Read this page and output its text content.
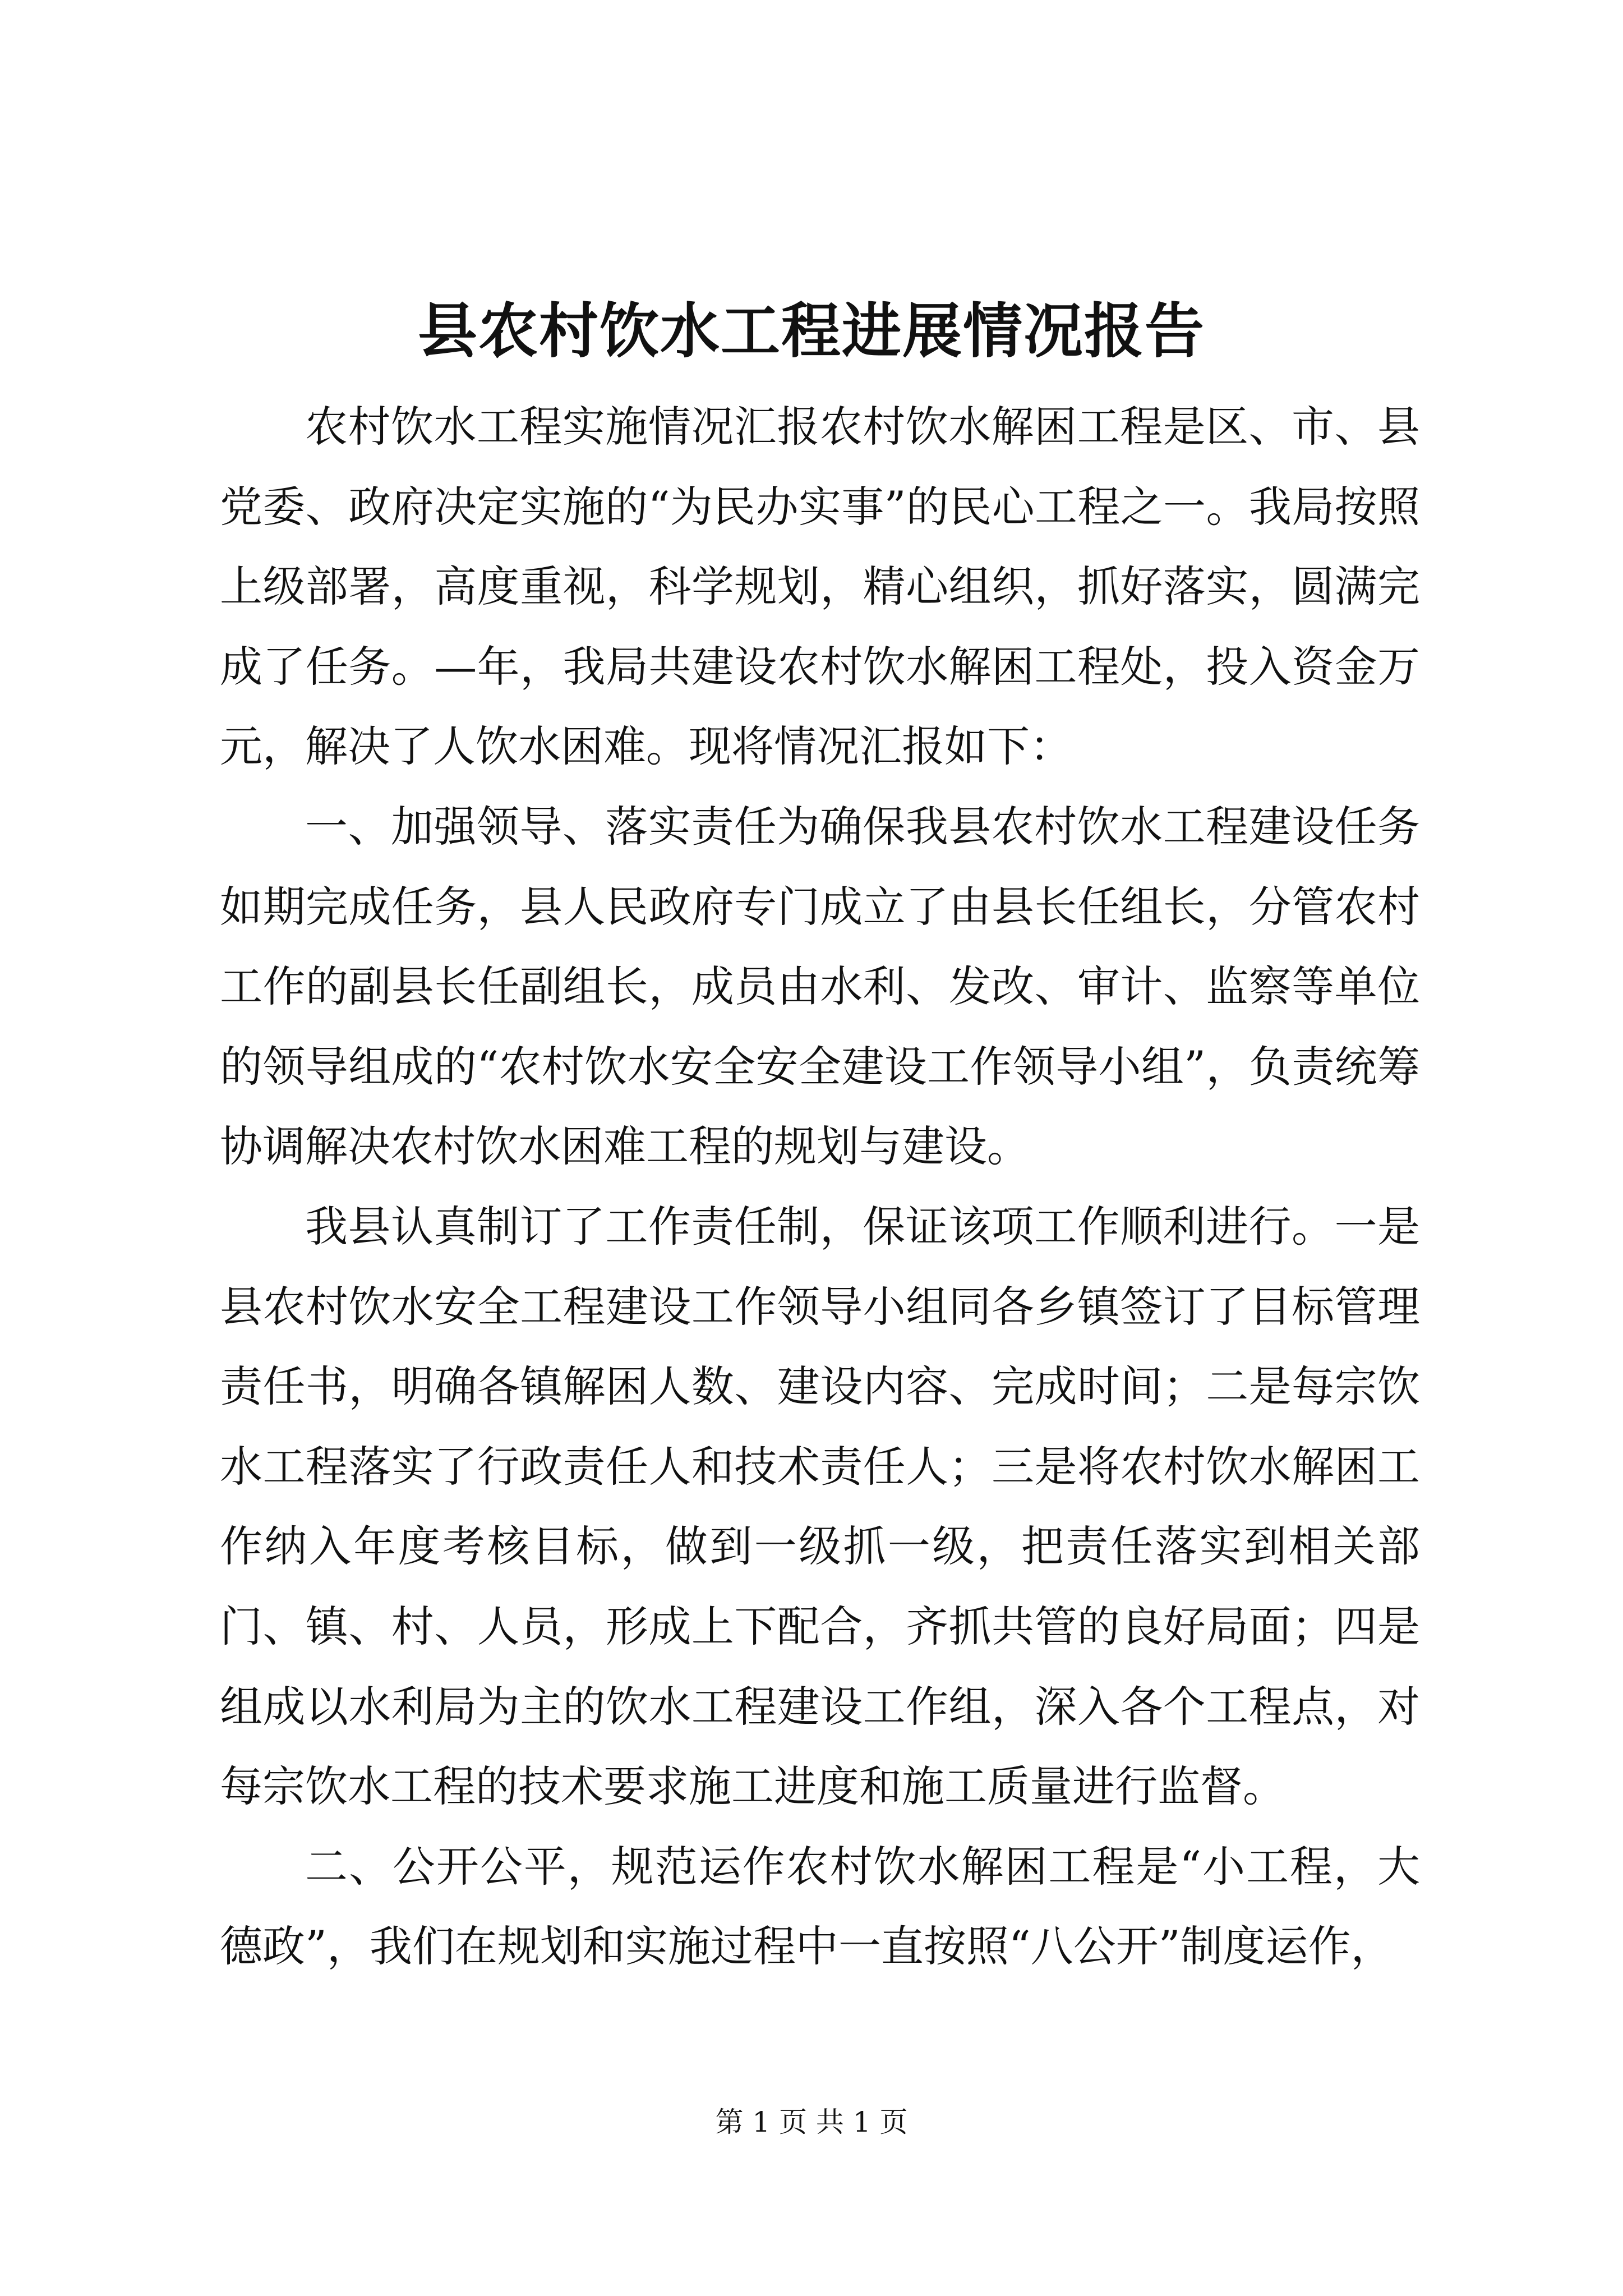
县农村饮水工程进展情况报告

农村饮水工程实施情况汇报农村饮水解困工程是区、市、县党委、政府决定实施的“为民办实事”的民心工程之一。我局按照上级部署，高度重视，科学规划，精心组织，抓好落实，圆满完成了任务。—年，我局共建设农村饮水解困工程处，投入资金万元，解决了人饮水困难。现将情况汇报如下：

一、加强领导、落实责任为确保我县农村饮水工程建设任务如期完成任务，县人民政府专门成立了由县长任组长，分管农村工作的副县长任副组长，成员由水利、发改、审计、监察等单位的领导组成的“农村饮水安全安全建设工作领导小组”，负责统筹协调解决农村饮水困难工程的规划与建设。

我县认真制订了工作责任制，保证该项工作顺利进行。一是县农村饮水安全工程建设工作领导小组同各乡镇签订了目标管理责任书，明确各镇解困人数、建设内容、完成时间；二是每宗饮水工程落实了行政责任人和技术责任人；三是将农村饮水解困工作纳入年度考核目标，做到一级抓一级，把责任落实到相关部门、镇、村、人员，形成上下配合，齐抓共管的良好局面；四是组成以水利局为主的饮水工程建设工作组，深入各个工程点，对每宗饮水工程的技术要求施工进度和施工质量进行监督。

二、公开公平，规范运作农村饮水解困工程是“小工程，大德政”，我们在规划和实施过程中一直按照“八公开”制度运作，

第 1 页 共 1 页
